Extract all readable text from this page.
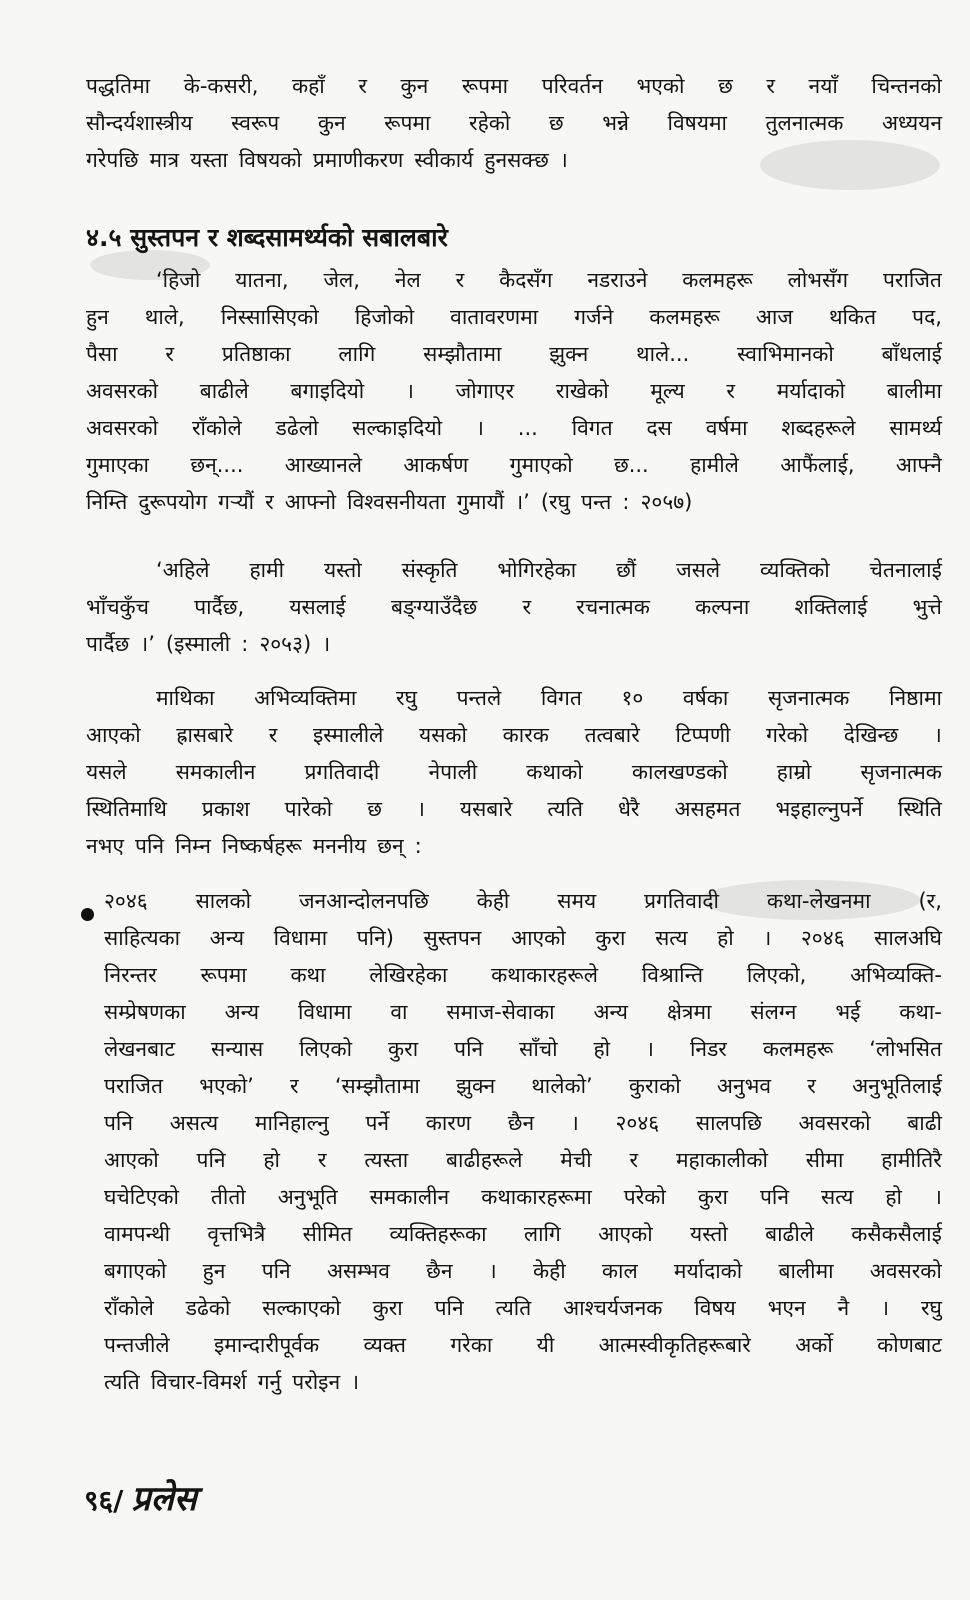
पद्धतिमा के-कसरी, कहाँ र कुन रूपमा परिवर्तन भएको छ र नयाँ चिन्तनको
सौन्दर्यशास्त्रीय स्वरूप कुन रूपमा रहेको छ भन्ने विषयमा तुलनात्मक अध्ययन
गरेपछि मात्र यस्ता विषयको प्रमाणीकरण स्वीकार्य हुनसक्छ ।
४.५ सुस्तपन र शब्दसामर्थ्यको सबालबारे
‘हिजो यातना, जेल, नेल र कैदसँग नडराउने कलमहरू लोभसँग पराजित
हुन थाले, निस्सासिएको हिजोको वातावरणमा गर्जने कलमहरू आज थकित पद,
पैसा र प्रतिष्ठाका लागि सम्झौतामा झुक्न थाले... स्वाभिमानको बाँधलाई
अवसरको बाढीले बगाइदियो । जोगाएर राखेको मूल्य र मर्यादाको बालीमा
अवसरको राँकोले डढेलो सल्काइदियो । ... विगत दस वर्षमा शब्दहरूले सामर्थ्य
गुमाएका छन्.... आख्यानले आकर्षण गुमाएको छ... हामीले आफैंलाई, आफ्नै
निम्ति दुरूपयोग गऱ्यौं र आफ्नो विश्वसनीयता गुमायौं ।’ (रघु पन्त : २०५७)
‘अहिले हामी यस्तो संस्कृति भोगिरहेका छौं जसले व्यक्तिको चेतनालाई
भाँचकुँच पार्दैछ, यसलाई बङ्ग्याउँदैछ र रचनात्मक कल्पना शक्तिलाई भुत्ते
पार्दैछ ।’ (इस्माली : २०५३) ।
माथिका अभिव्यक्तिमा रघु पन्तले विगत १० वर्षका सृजनात्मक निष्ठामा
आएको ह्रासबारे र इस्मालीले यसको कारक तत्वबारे टिप्पणी गरेको देखिन्छ ।
यसले समकालीन प्रगतिवादी नेपाली कथाको कालखण्डको हाम्रो सृजनात्मक
स्थितिमाथि प्रकाश पारेको छ । यसबारे त्यति धेरै असहमत भइहाल्नुपर्ने स्थिति
नभए पनि निम्न निष्कर्षहरू मननीय छन् :
२०४६ सालको जनआन्दोलनपछि केही समय प्रगतिवादी कथा-लेखनमा (र,
साहित्यका अन्य विधामा पनि) सुस्तपन आएको कुरा सत्य हो । २०४६ सालअघि
निरन्तर रूपमा कथा लेखिरहेका कथाकारहरूले विश्रान्ति लिएको, अभिव्यक्ति-
सम्प्रेषणका अन्य विधामा वा समाज-सेवाका अन्य क्षेत्रमा संलग्न भई कथा-
लेखनबाट सन्यास लिएको कुरा पनि साँचो हो । निडर कलमहरू ‘लोभसित
पराजित भएको’ र ‘सम्झौतामा झुक्न थालेको’ कुराको अनुभव र अनुभूतिलाई
पनि असत्य मानिहाल्नु पर्ने कारण छैन । २०४६ सालपछि अवसरको बाढी
आएको पनि हो र त्यस्ता बाढीहरूले मेची र महाकालीको सीमा हामीतिरै
घचेटिएको तीतो अनुभूति समकालीन कथाकारहरूमा परेको कुरा पनि सत्य हो ।
वामपन्थी वृत्तभित्रै सीमित व्यक्तिहरूका लागि आएको यस्तो बाढीले कसैकसैलाई
बगाएको हुन पनि असम्भव छैन । केही काल मर्यादाको बालीमा अवसरको
राँकोले डढेको सल्काएको कुरा पनि त्यति आश्चर्यजनक विषय भएन नै । रघु
पन्तजीले इमान्दारीपूर्वक व्यक्त गरेका यी आत्मस्वीकृतिहरूबारे अर्को कोणबाट
त्यति विचार-विमर्श गर्नु परोइन ।
९६/ प्रलेस
